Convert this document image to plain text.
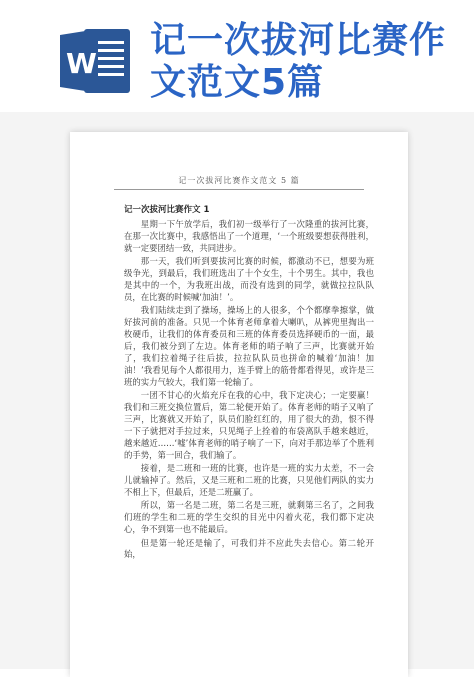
W
记一次拔河比赛作
文范文5篇
记一次拔河比赛作文范文 5 篇
记一次拔河比赛作文 1

星期一下午放学后，我们初一级举行了一次隆重的拔河比赛，在那一次比赛中，我感悟出了一个道理，‘一个班级要想获得胜利，就一定要团结一致，共同进步。

那一天，我们听到要拔河比赛的时候，都激动不已，想要为班级争光，到最后，我们班选出了十个女生，十个男生。其中，我也是其中的一个，为我班出战，而没有选到的同学，就做拉拉队队员，在比赛的时候喊‘加油！’。

我们陆续走到了操场，操场上的人很多，个个都摩拳擦掌，做好拔河前的准备。只见一个体育老师拿着大喇叭，从裤兜里掏出一枚硬币，让我们的体育委员和三班的体育委员选择硬币的一面，最后，我们被分到了左边。体育老师的哨子响了三声，比赛就开始了，我们拉着绳子往后拔，拉拉队队员也拼命的喊着‘加油！加油！’我看见每个人都很用力，连手臂上的筋骨都看得见，或许是三班的实力气较大，我们第一轮输了。

一团不甘心的火焰充斥在我的心中，我下定决心；一定要赢！我们和三班交换位置后，第二轮便开始了。体育老师的哨子又响了三声，比赛就又开始了，队员们脸红红的，用了很大的劲，恨不得一下子就把对手拉过来，只见绳子上拴着的布袋离队手越来越近，越来越近……‘嘘’体育老师的哨子响了一下，向对手那边举了个胜利的手势，第一回合，我们输了。

接着，是二班和一班的比赛，也许是一班的实力太差，不一会儿就输掉了。然后，又是三班和二班的比赛，只见他们两队的实力不相上下，但最后，还是二班赢了。

所以，第一名是二班，第二名是三班，就剩第三名了，之间我们班的学生和二班的学生交织的目光中闪着火花，我们都下定决心，争不到第一也不能最后。

但是第一轮还是输了，可我们并不应此失去信心。第二轮开始，
